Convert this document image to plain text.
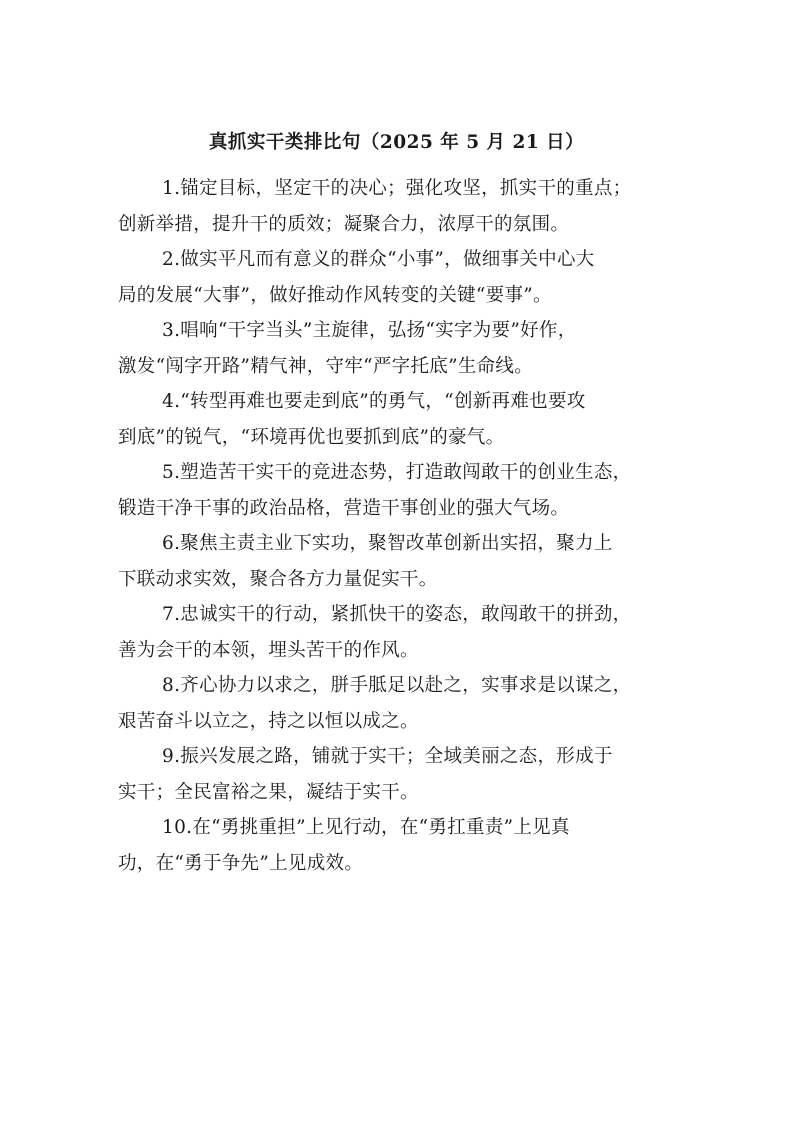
真抓实干类排比句（2025 年 5 月 21 日）
1.锚定目标，坚定干的决心；强化攻坚，抓实干的重点；
创新举措，提升干的质效；凝聚合力，浓厚干的氛围。
2.做实平凡而有意义的群众“小事”，做细事关中心大
局的发展“大事”，做好推动作风转变的关键“要事”。
3.唱响“干字当头”主旋律，弘扬“实字为要”好作，
激发“闯字开路”精气神，守牢“严字托底”生命线。
4.“转型再难也要走到底”的勇气，“创新再难也要攻
到底”的锐气，“环境再优也要抓到底”的豪气。
5.塑造苦干实干的竞进态势，打造敢闯敢干的创业生态，
锻造干净干事的政治品格，营造干事创业的强大气场。
6.聚焦主责主业下实功，聚智改革创新出实招，聚力上
下联动求实效，聚合各方力量促实干。
7.忠诚实干的行动，紧抓快干的姿态，敢闯敢干的拼劲，
善为会干的本领，埋头苦干的作风。
8.齐心协力以求之，胼手胝足以赴之，实事求是以谋之，
艰苦奋斗以立之，持之以恒以成之。
9.振兴发展之路，铺就于实干；全域美丽之态，形成于
实干；全民富裕之果，凝结于实干。
10.在“勇挑重担”上见行动，在“勇扛重责”上见真
功，在“勇于争先”上见成效。
